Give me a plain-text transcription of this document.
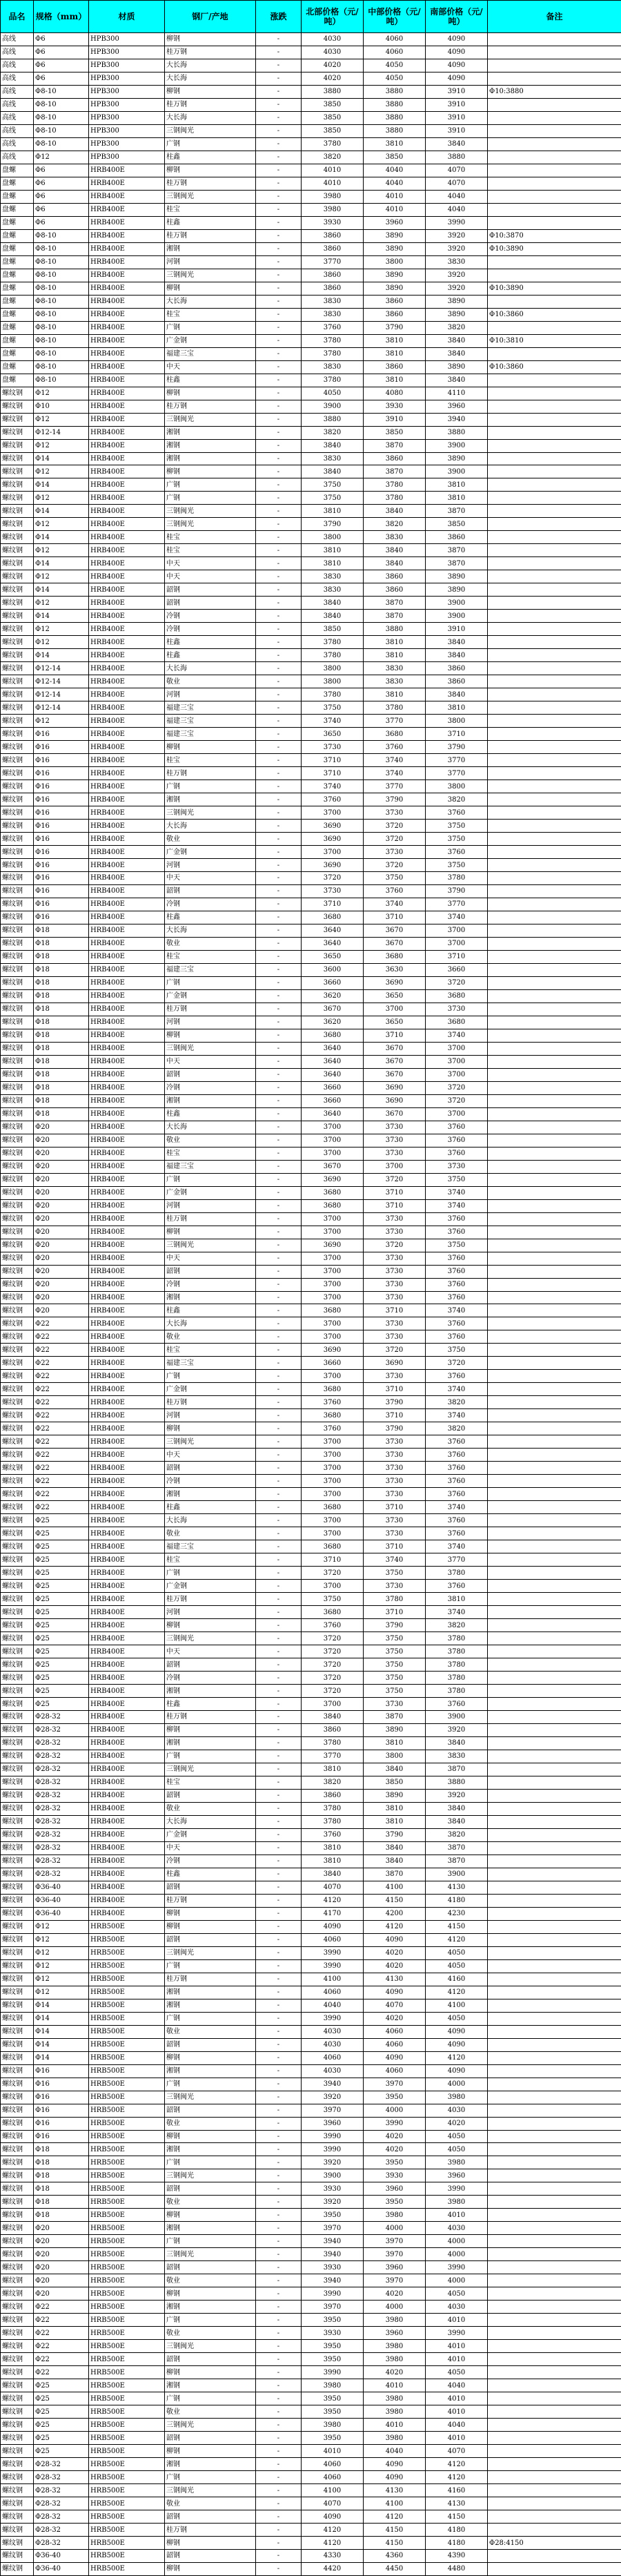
品名	规格（mm）	材质	钢厂/产地	涨跌	北部价格（元/吨）	中部价格（元/吨）	南部价格（元/吨）	备注
高线	Φ6	HPB300	柳钢	-	4030	4060	4090	
高线	Φ6	HPB300	桂万钢	-	4030	4060	4090	
高线	Φ6	HPB300	大长海	-	4020	4050	4090	
高线	Φ6	HPB300	大长海	-	4020	4050	4090	
高线	Φ8-10	HPB300	柳钢	-	3880	3880	3910	Φ10:3880
高线	Φ8-10	HPB300	桂万钢	-	3850	3880	3910	
高线	Φ8-10	HPB300	大长海	-	3850	3880	3910	
高线	Φ8-10	HPB300	三钢闽光	-	3850	3880	3910	
高线	Φ8-10	HPB300	广钢	-	3780	3810	3840	
高线	Φ12	HPB300	柱鑫	-	3820	3850	3880	
盘螺	Φ6	HRB400E	柳钢	-	4010	4040	4070	
盘螺	Φ6	HRB400E	桂万钢	-	4010	4040	4070	
盘螺	Φ6	HRB400E	三钢闽光	-	3980	4010	4040	
盘螺	Φ6	HRB400E	桂宝	-	3980	4010	4040	
盘螺	Φ6	HRB400E	柱鑫	-	3930	3960	3990	
盘螺	Φ8-10	HRB400E	桂万钢	-	3860	3890	3920	Φ10:3870
盘螺	Φ8-10	HRB400E	湘钢	-	3860	3890	3920	Φ10:3890
盘螺	Φ8-10	HRB400E	河钢	-	3770	3800	3830	
盘螺	Φ8-10	HRB400E	三钢闽光	-	3860	3890	3920	
盘螺	Φ8-10	HRB400E	柳钢	-	3860	3890	3920	Φ10:3890
盘螺	Φ8-10	HRB400E	大长海	-	3830	3860	3890	
盘螺	Φ8-10	HRB400E	桂宝	-	3830	3860	3890	Φ10:3860
盘螺	Φ8-10	HRB400E	广钢	-	3760	3790	3820	
盘螺	Φ8-10	HRB400E	广金钢	-	3780	3810	3840	Φ10:3810
盘螺	Φ8-10	HRB400E	福建三宝	-	3780	3810	3840	
盘螺	Φ8-10	HRB400E	中天	-	3830	3860	3890	Φ10:3860
盘螺	Φ8-10	HRB400E	柱鑫	-	3780	3810	3840	
螺纹钢	Φ12	HRB400E	柳钢	-	4050	4080	4110	
螺纹钢	Φ10	HRB400E	桂万钢	-	3900	3930	3960	
螺纹钢	Φ12	HRB400E	三钢闽光	-	3880	3910	3940	
螺纹钢	Φ12-14	HRB400E	湘钢	-	3820	3850	3880	
螺纹钢	Φ12	HRB400E	湘钢	-	3840	3870	3900	
螺纹钢	Φ14	HRB400E	湘钢	-	3830	3860	3890	
螺纹钢	Φ12	HRB400E	柳钢	-	3840	3870	3900	
螺纹钢	Φ14	HRB400E	广钢	-	3750	3780	3810	
螺纹钢	Φ12	HRB400E	广钢	-	3750	3780	3810	
螺纹钢	Φ14	HRB400E	三钢闽光	-	3810	3840	3870	
螺纹钢	Φ12	HRB400E	三钢闽光	-	3790	3820	3850	
螺纹钢	Φ14	HRB400E	桂宝	-	3800	3830	3860	
螺纹钢	Φ12	HRB400E	桂宝	-	3810	3840	3870	
螺纹钢	Φ14	HRB400E	中天	-	3810	3840	3870	
螺纹钢	Φ12	HRB400E	中天	-	3830	3860	3890	
螺纹钢	Φ14	HRB400E	韶钢	-	3830	3860	3890	
螺纹钢	Φ12	HRB400E	韶钢	-	3840	3870	3900	
螺纹钢	Φ14	HRB400E	冷钢	-	3840	3870	3900	
螺纹钢	Φ12	HRB400E	冷钢	-	3850	3880	3910	
螺纹钢	Φ12	HRB400E	柱鑫	-	3780	3810	3840	
螺纹钢	Φ14	HRB400E	柱鑫	-	3780	3810	3840	
螺纹钢	Φ12-14	HRB400E	大长海	-	3800	3830	3860	
螺纹钢	Φ12-14	HRB400E	敬业	-	3800	3830	3860	
螺纹钢	Φ12-14	HRB400E	河钢	-	3780	3810	3840	
螺纹钢	Φ12-14	HRB400E	福建三宝	-	3750	3780	3810	
螺纹钢	Φ12	HRB400E	福建三宝	-	3740	3770	3800	
螺纹钢	Φ16	HRB400E	福建三宝	-	3650	3680	3710	
螺纹钢	Φ16	HRB400E	柳钢	-	3730	3760	3790	
螺纹钢	Φ16	HRB400E	桂宝	-	3710	3740	3770	
螺纹钢	Φ16	HRB400E	桂万钢	-	3710	3740	3770	
螺纹钢	Φ16	HRB400E	广钢	-	3740	3770	3800	
螺纹钢	Φ16	HRB400E	湘钢	-	3760	3790	3820	
螺纹钢	Φ16	HRB400E	三钢闽光	-	3700	3730	3760	
螺纹钢	Φ16	HRB400E	大长海	-	3690	3720	3750	
螺纹钢	Φ16	HRB400E	敬业	-	3690	3720	3750	
螺纹钢	Φ16	HRB400E	广金钢	-	3700	3730	3760	
螺纹钢	Φ16	HRB400E	河钢	-	3690	3720	3750	
螺纹钢	Φ16	HRB400E	中天	-	3720	3750	3780	
螺纹钢	Φ16	HRB400E	韶钢	-	3730	3760	3790	
螺纹钢	Φ16	HRB400E	冷钢	-	3710	3740	3770	
螺纹钢	Φ16	HRB400E	柱鑫	-	3680	3710	3740	
螺纹钢	Φ18	HRB400E	大长海	-	3640	3670	3700	
螺纹钢	Φ18	HRB400E	敬业	-	3640	3670	3700	
螺纹钢	Φ18	HRB400E	桂宝	-	3650	3680	3710	
螺纹钢	Φ18	HRB400E	福建三宝	-	3600	3630	3660	
螺纹钢	Φ18	HRB400E	广钢	-	3660	3690	3720	
螺纹钢	Φ18	HRB400E	广金钢	-	3620	3650	3680	
螺纹钢	Φ18	HRB400E	桂万钢	-	3670	3700	3730	
螺纹钢	Φ18	HRB400E	河钢	-	3620	3650	3680	
螺纹钢	Φ18	HRB400E	柳钢	-	3680	3710	3740	
螺纹钢	Φ18	HRB400E	三钢闽光	-	3640	3670	3700	
螺纹钢	Φ18	HRB400E	中天	-	3640	3670	3700	
螺纹钢	Φ18	HRB400E	韶钢	-	3640	3670	3700	
螺纹钢	Φ18	HRB400E	冷钢	-	3660	3690	3720	
螺纹钢	Φ18	HRB400E	湘钢	-	3660	3690	3720	
螺纹钢	Φ18	HRB400E	柱鑫	-	3640	3670	3700	
螺纹钢	Φ20	HRB400E	大长海	-	3700	3730	3760	
螺纹钢	Φ20	HRB400E	敬业	-	3700	3730	3760	
螺纹钢	Φ20	HRB400E	桂宝	-	3700	3730	3760	
螺纹钢	Φ20	HRB400E	福建三宝	-	3670	3700	3730	
螺纹钢	Φ20	HRB400E	广钢	-	3690	3720	3750	
螺纹钢	Φ20	HRB400E	广金钢	-	3680	3710	3740	
螺纹钢	Φ20	HRB400E	河钢	-	3680	3710	3740	
螺纹钢	Φ20	HRB400E	桂万钢	-	3700	3730	3760	
螺纹钢	Φ20	HRB400E	柳钢	-	3700	3730	3760	
螺纹钢	Φ20	HRB400E	三钢闽光	-	3690	3720	3750	
螺纹钢	Φ20	HRB400E	中天	-	3700	3730	3760	
螺纹钢	Φ20	HRB400E	韶钢	-	3700	3730	3760	
螺纹钢	Φ20	HRB400E	冷钢	-	3700	3730	3760	
螺纹钢	Φ20	HRB400E	湘钢	-	3700	3730	3760	
螺纹钢	Φ20	HRB400E	柱鑫	-	3680	3710	3740	
螺纹钢	Φ22	HRB400E	大长海	-	3700	3730	3760	
螺纹钢	Φ22	HRB400E	敬业	-	3700	3730	3760	
螺纹钢	Φ22	HRB400E	桂宝	-	3690	3720	3750	
螺纹钢	Φ22	HRB400E	福建三宝	-	3660	3690	3720	
螺纹钢	Φ22	HRB400E	广钢	-	3700	3730	3760	
螺纹钢	Φ22	HRB400E	广金钢	-	3680	3710	3740	
螺纹钢	Φ22	HRB400E	桂万钢	-	3760	3790	3820	
螺纹钢	Φ22	HRB400E	河钢	-	3680	3710	3740	
螺纹钢	Φ22	HRB400E	柳钢	-	3760	3790	3820	
螺纹钢	Φ22	HRB400E	三钢闽光	-	3700	3730	3760	
螺纹钢	Φ22	HRB400E	中天	-	3700	3730	3760	
螺纹钢	Φ22	HRB400E	韶钢	-	3700	3730	3760	
螺纹钢	Φ22	HRB400E	冷钢	-	3700	3730	3760	
螺纹钢	Φ22	HRB400E	湘钢	-	3700	3730	3760	
螺纹钢	Φ22	HRB400E	柱鑫	-	3680	3710	3740	
螺纹钢	Φ25	HRB400E	大长海	-	3700	3730	3760	
螺纹钢	Φ25	HRB400E	敬业	-	3700	3730	3760	
螺纹钢	Φ25	HRB400E	福建三宝	-	3680	3710	3740	
螺纹钢	Φ25	HRB400E	桂宝	-	3710	3740	3770	
螺纹钢	Φ25	HRB400E	广钢	-	3720	3750	3780	
螺纹钢	Φ25	HRB400E	广金钢	-	3700	3730	3760	
螺纹钢	Φ25	HRB400E	桂万钢	-	3750	3780	3810	
螺纹钢	Φ25	HRB400E	河钢	-	3680	3710	3740	
螺纹钢	Φ25	HRB400E	柳钢	-	3760	3790	3820	
螺纹钢	Φ25	HRB400E	三钢闽光	-	3720	3750	3780	
螺纹钢	Φ25	HRB400E	中天	-	3720	3750	3780	
螺纹钢	Φ25	HRB400E	韶钢	-	3720	3750	3780	
螺纹钢	Φ25	HRB400E	冷钢	-	3720	3750	3780	
螺纹钢	Φ25	HRB400E	湘钢	-	3720	3750	3780	
螺纹钢	Φ25	HRB400E	柱鑫	-	3700	3730	3760	
螺纹钢	Φ28-32	HRB400E	桂万钢	-	3840	3870	3900	
螺纹钢	Φ28-32	HRB400E	柳钢	-	3860	3890	3920	
螺纹钢	Φ28-32	HRB400E	湘钢	-	3780	3810	3840	
螺纹钢	Φ28-32	HRB400E	广钢	-	3770	3800	3830	
螺纹钢	Φ28-32	HRB400E	三钢闽光	-	3810	3840	3870	
螺纹钢	Φ28-32	HRB400E	桂宝	-	3820	3850	3880	
螺纹钢	Φ28-32	HRB400E	韶钢	-	3860	3890	3920	
螺纹钢	Φ28-32	HRB400E	敬业	-	3780	3810	3840	
螺纹钢	Φ28-32	HRB400E	大长海	-	3780	3810	3840	
螺纹钢	Φ28-32	HRB400E	广金钢	-	3760	3790	3820	
螺纹钢	Φ28-32	HRB400E	中天	-	3810	3840	3870	
螺纹钢	Φ28-32	HRB400E	冷钢	-	3810	3840	3870	
螺纹钢	Φ28-32	HRB400E	柱鑫	-	3840	3870	3900	
螺纹钢	Φ36-40	HRB400E	韶钢	-	4070	4100	4130	
螺纹钢	Φ36-40	HRB400E	桂万钢	-	4120	4150	4180	
螺纹钢	Φ36-40	HRB400E	柳钢	-	4170	4200	4230	
螺纹钢	Φ12	HRB500E	柳钢	-	4090	4120	4150	
螺纹钢	Φ12	HRB500E	韶钢	-	4060	4090	4120	
螺纹钢	Φ12	HRB500E	三钢闽光	-	3990	4020	4050	
螺纹钢	Φ12	HRB500E	广钢	-	3990	4020	4050	
螺纹钢	Φ12	HRB500E	桂万钢	-	4100	4130	4160	
螺纹钢	Φ12	HRB500E	湘钢	-	4060	4090	4120	
螺纹钢	Φ14	HRB500E	湘钢	-	4040	4070	4100	
螺纹钢	Φ14	HRB500E	广钢	-	3990	4020	4050	
螺纹钢	Φ14	HRB500E	敬业	-	4030	4060	4090	
螺纹钢	Φ14	HRB500E	韶钢	-	4030	4060	4090	
螺纹钢	Φ14	HRB500E	柳钢	-	4060	4090	4120	
螺纹钢	Φ16	HRB500E	湘钢	-	4030	4060	4090	
螺纹钢	Φ16	HRB500E	广钢	-	3940	3970	4000	
螺纹钢	Φ16	HRB500E	三钢闽光	-	3920	3950	3980	
螺纹钢	Φ16	HRB500E	韶钢	-	3970	4000	4030	
螺纹钢	Φ16	HRB500E	敬业	-	3960	3990	4020	
螺纹钢	Φ16	HRB500E	柳钢	-	3990	4020	4050	
螺纹钢	Φ18	HRB500E	湘钢	-	3990	4020	4050	
螺纹钢	Φ18	HRB500E	广钢	-	3920	3950	3980	
螺纹钢	Φ18	HRB500E	三钢闽光	-	3900	3930	3960	
螺纹钢	Φ18	HRB500E	韶钢	-	3930	3960	3990	
螺纹钢	Φ18	HRB500E	敬业	-	3920	3950	3980	
螺纹钢	Φ18	HRB500E	柳钢	-	3950	3980	4010	
螺纹钢	Φ20	HRB500E	湘钢	-	3970	4000	4030	
螺纹钢	Φ20	HRB500E	广钢	-	3940	3970	4000	
螺纹钢	Φ20	HRB500E	三钢闽光	-	3940	3970	4000	
螺纹钢	Φ20	HRB500E	韶钢	-	3930	3960	3990	
螺纹钢	Φ20	HRB500E	敬业	-	3940	3970	4000	
螺纹钢	Φ20	HRB500E	柳钢	-	3990	4020	4050	
螺纹钢	Φ22	HRB500E	湘钢	-	3970	4000	4030	
螺纹钢	Φ22	HRB500E	广钢	-	3950	3980	4010	
螺纹钢	Φ22	HRB500E	敬业	-	3930	3960	3990	
螺纹钢	Φ22	HRB500E	三钢闽光	-	3950	3980	4010	
螺纹钢	Φ22	HRB500E	韶钢	-	3950	3980	4010	
螺纹钢	Φ22	HRB500E	柳钢	-	3990	4020	4050	
螺纹钢	Φ25	HRB500E	湘钢	-	3980	4010	4040	
螺纹钢	Φ25	HRB500E	广钢	-	3950	3980	4010	
螺纹钢	Φ25	HRB500E	敬业	-	3950	3980	4010	
螺纹钢	Φ25	HRB500E	三钢闽光	-	3980	4010	4040	
螺纹钢	Φ25	HRB500E	韶钢	-	3950	3980	4010	
螺纹钢	Φ25	HRB500E	柳钢	-	4010	4040	4070	
螺纹钢	Φ28-32	HRB500E	湘钢	-	4060	4090	4120	
螺纹钢	Φ28-32	HRB500E	广钢	-	4060	4090	4120	
螺纹钢	Φ28-32	HRB500E	三钢闽光	-	4100	4130	4160	
螺纹钢	Φ28-32	HRB500E	敬业	-	4070	4100	4130	
螺纹钢	Φ28-32	HRB500E	韶钢	-	4090	4120	4150	
螺纹钢	Φ28-32	HRB500E	桂万钢	-	4120	4150	4180	
螺纹钢	Φ28-32	HRB500E	柳钢	-	4120	4150	4180	Φ28:4150
螺纹钢	Φ36-40	HRB500E	韶钢	-	4330	4360	4390	
螺纹钢	Φ36-40	HRB500E	柳钢	-	4420	4450	4480	
